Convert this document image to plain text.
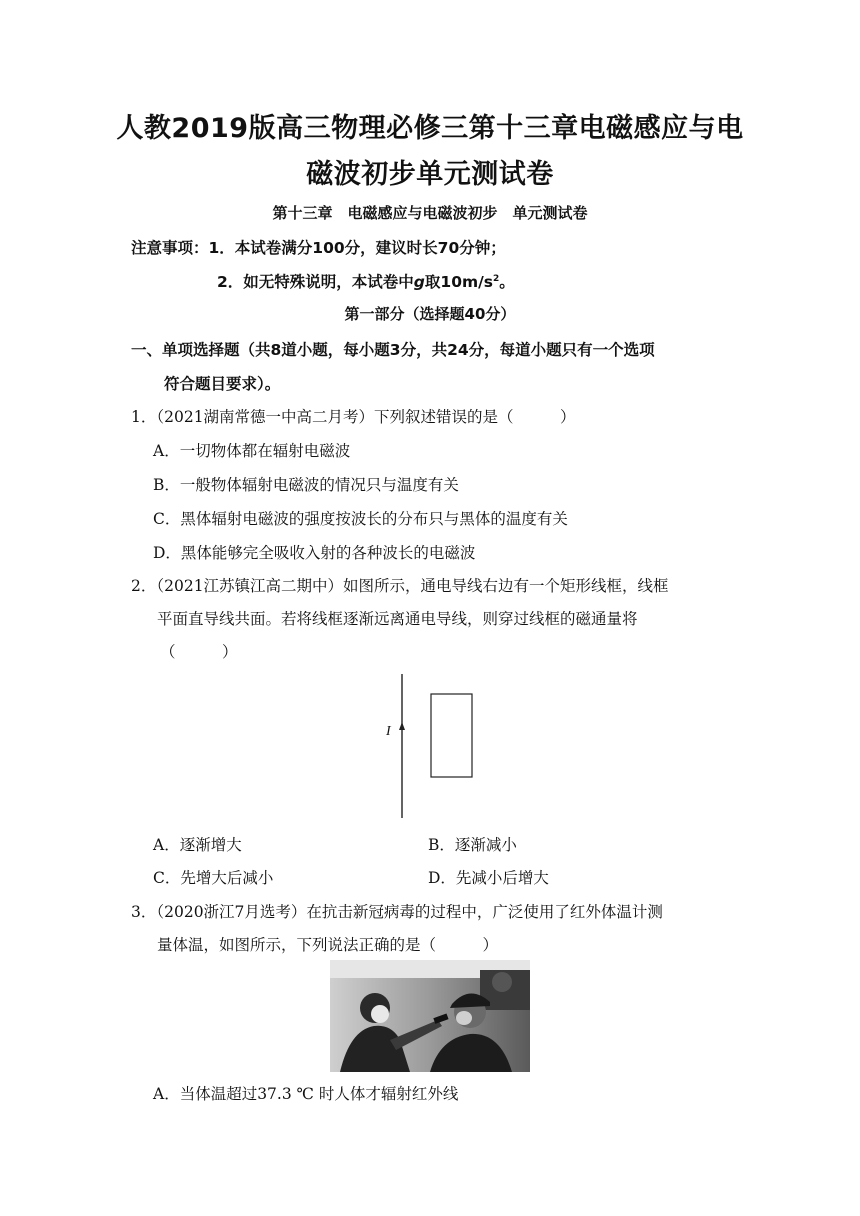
人教2019版高三物理必修三第十三章电磁感应与电
磁波初步单元测试卷
第十三章　电磁感应与电磁波初步　单元测试卷
注意事项：1．本试卷满分100分，建议时长70分钟；
2．如无特殊说明，本试卷中g取$10m/s^2$。
第一部分（选择题40分）
一、单项选择题（共8道小题，每小题3分，共24分，每道小题只有一个选项
符合题目要求）。
1．（2021湖南常德一中高二月考）下列叙述错误的是（　　　）
A．一切物体都在辐射电磁波
B．一般物体辐射电磁波的情况只与温度有关
C．黑体辐射电磁波的强度按波长的分布只与黑体的温度有关
D．黑体能够完全吸收入射的各种波长的电磁波
2．（2021江苏镇江高二期中）如图所示，通电导线右边有一个矩形线框，线框
平面直导线共面。若将线框逐渐远离通电导线，则穿过线框的磁通量将
（　　　）
I
A．逐渐增大	B．逐渐减小
C．先增大后减小	D．先减小后增大
3．（2020浙江7月选考）在抗击新冠病毒的过程中，广泛使用了红外体温计测
量体温，如图所示，下列说法正确的是（　　　）
A．当体温超过37.3 ℃ 时人体才辐射红外线
